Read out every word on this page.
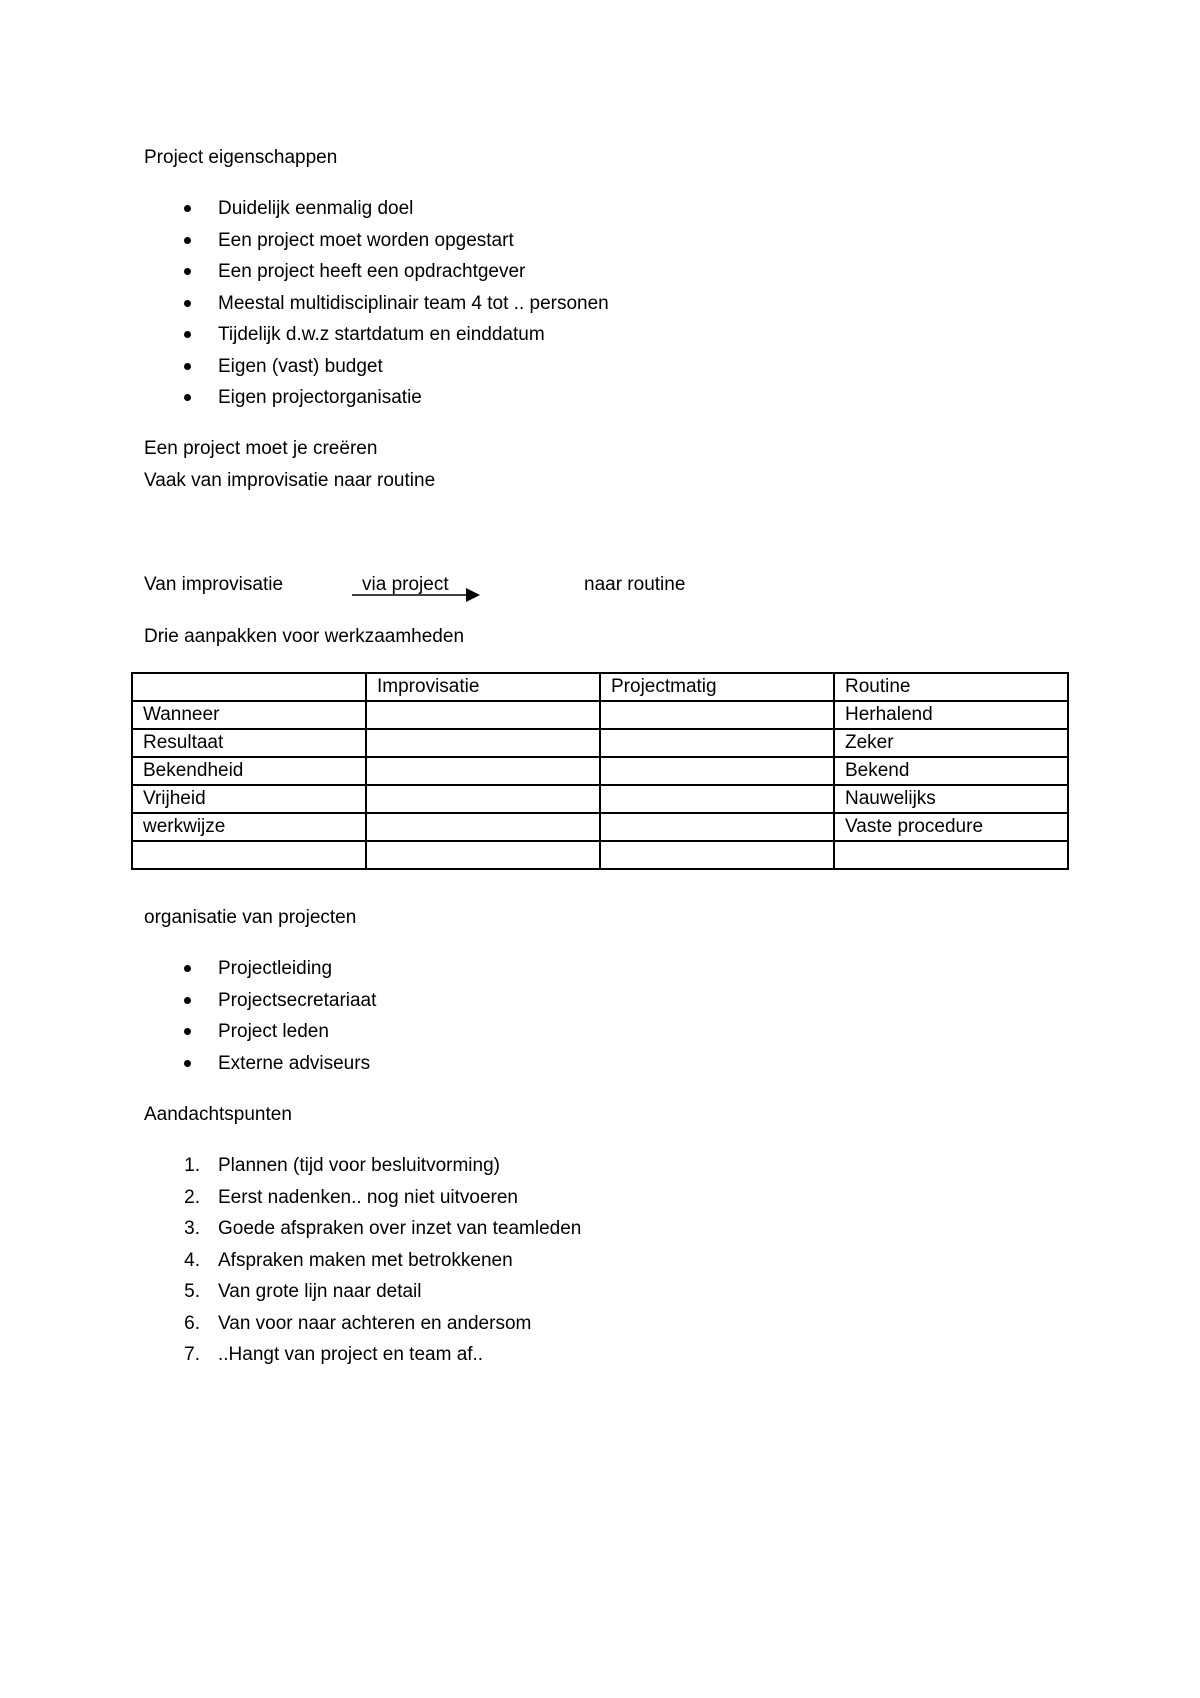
Project eigenschappen
Duidelijk eenmalig doel
Een project moet worden opgestart
Een project heeft een opdrachtgever
Meestal multidisciplinair team 4 tot .. personen
Tijdelijk d.w.z startdatum en einddatum
Eigen (vast) budget
Eigen projectorganisatie
Een project moet je creëren
Vaak van improvisatie naar routine
Van improvisatie	via project	naar routine
Drie aanpakken voor werkzaamheden
	Improvisatie	Projectmatig	Routine
Wanneer			Herhalend
Resultaat			Zeker
Bekendheid			Bekend
Vrijheid			Nauwelijks
werkwijze			Vaste procedure

organisatie van projecten
Projectleiding
Projectsecretariaat
Project leden
Externe adviseurs
Aandachtspunten
1. Plannen (tijd voor besluitvorming)
2. Eerst nadenken.. nog niet uitvoeren
3. Goede afspraken over inzet van teamleden
4. Afspraken maken met betrokkenen
5. Van grote lijn naar detail
6. Van voor naar achteren en andersom
7. ..Hangt van project en team af..
